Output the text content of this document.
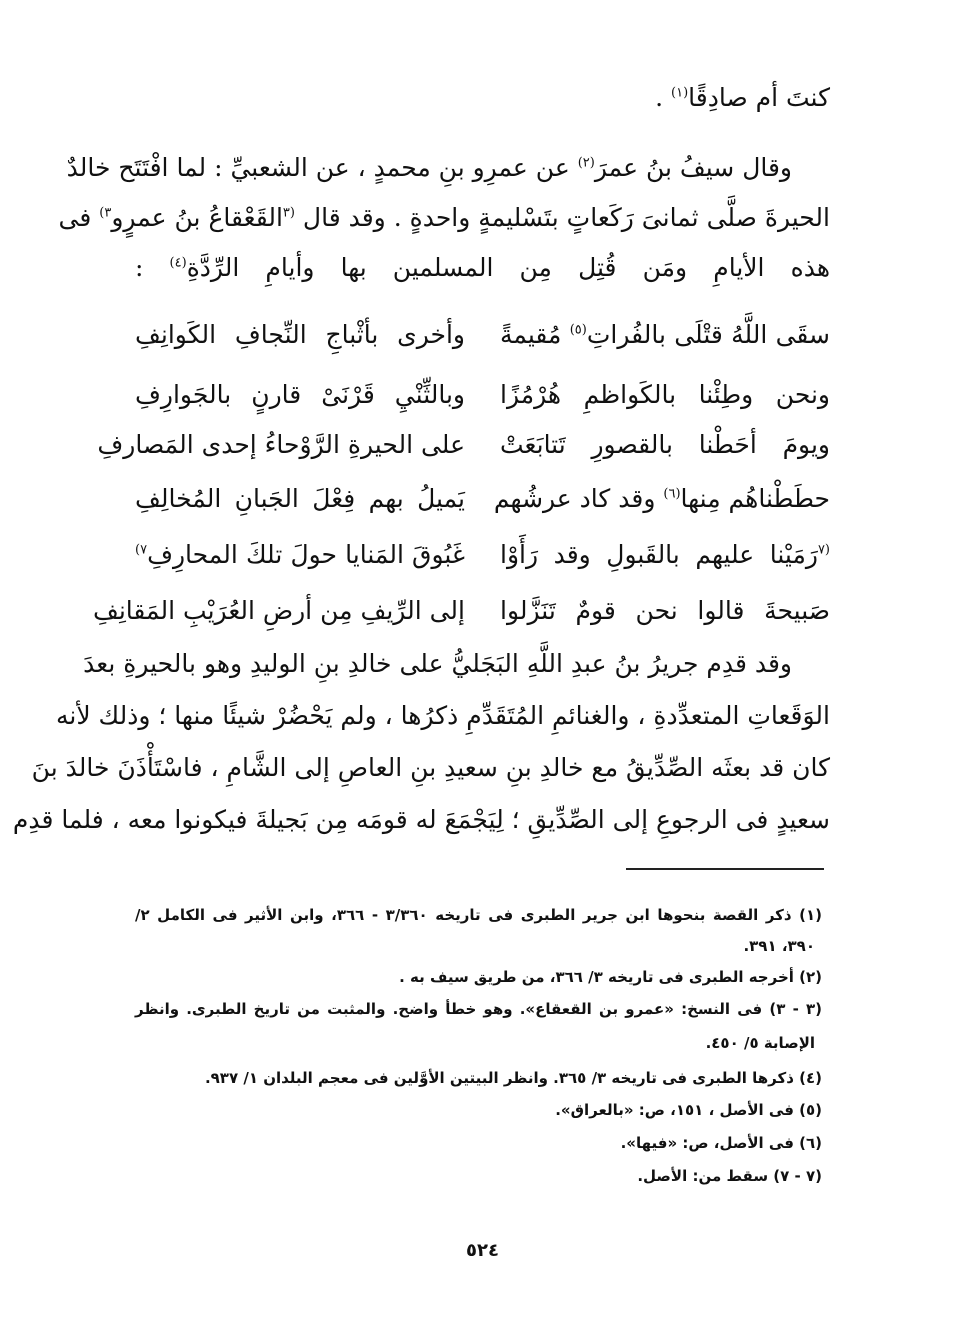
كنتَ أم صادِقًا$^{(١)}$ .
وقال سيفُ بنُ عمرَ$^{(٢)}$ عن عمرِو بنِ محمدٍ ، عن الشعبيِّ : لما افْتَتَح خالدٌ
الحيرةَ صلَّى ثمانىَ رَكَعاتٍ بتَسْليمةٍ واحدةٍ . وقد قال $^{(٣}$القَعْقاعُ بنُ عمرٍو$^{٣)}$ فى
هذه الأيامِ ومَن قُتِل مِن المسلمين بها وأيامِ الرِّدَّةِ$^{(٤)}$ :
سقَى اللَّهُ قتْلَى بالفُراتِ$^{(٥)}$ مُقيمةً
وأخرى بأثْباجِ النِّجافِ الكَوانِفِ
ونحن وطِئْنا بالكَواظمِ هُرْمُزًا
وبالثِّنْيِ قَرْنَىْ قارنٍ بالجَوارِفِ
ويومَ أحَطْنا بالقصورِ تَتابَعَتْ
على الحيرةِ الرَّوْحاءُ إحدى المَصارفِ
حطَطْناهُم مِنها$^{(٦)}$ وقد كاد عرشُهم
يَميلُ بهم فِعْلَ الجَبانِ المُخالِفِ
$^{(٧}$رَمَيْنا عليهم بالقَبولِ وقد رَأَوْا
غَبُوقَ المَنايا حولَ تلكَ المحارِفِ$^{٧)}$
صَبيحةَ قالوا نحن قومٌ تَنَزَّلوا
إلى الرِّيفِ مِن أرضِ العُرَيْبِ المَقانِفِ
وقد قدِم جريرُ بنُ عبدِ اللَّهِ البَجَليُّ على خالدِ بنِ الوليدِ وهو بالحيرةِ بعدَ
الوَقَعاتِ المتعدِّدةِ ، والغنائمِ المُتَقَدِّمِ ذكرُها ، ولم يَحْضُرْ شيئًا منها ؛ وذلك لأنه
كان قد بعثَه الصِّدِّيقُ مع خالدِ بنِ سعيدِ بنِ العاصِ إلى الشَّامِ ، فاسْتَأْذَنَ خالدَ بنَ
سعيدٍ فى الرجوعِ إلى الصِّدِّيقِ ؛ لِيَجْمَعَ له قومَه مِن بَجيلةَ فيكونوا معه ، فلما قدِم
(١) ذكر القصة بنحوها ابن جرير الطبرى فى تاريخه ٣/٣٦٠ - ٣٦٦، وابن الأثير فى الكامل ٢/
٣٩٠، ٣٩١.
(٢) أخرجه الطبرى فى تاريخه ٣/ ٣٦٦، من طريق سيف به .
(٣ - ٣) فى النسخ: «عمرو بن القعقاع». وهو خطأ واضح. والمثبت من تاريخ الطبرى. وانظر
الإصابة ٥/ ٤٥٠.
(٤) ذكرها الطبرى فى تاريخه ٣/ ٣٦٥. وانظر البيتين الأوَّلين فى معجم البلدان ١/ ٩٣٧.
(٥) فى الأصل ، ١٥١، ص: «بالعراق».
(٦) فى الأصل، ص: «فيها».
(٧ - ٧) سقط من: الأصل.
٥٢٤
